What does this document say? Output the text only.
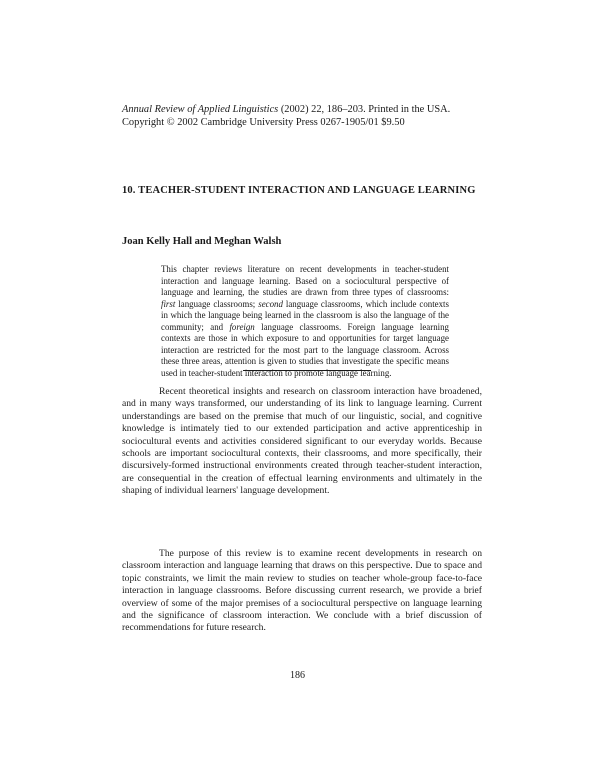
Annual Review of Applied Linguistics (2002) 22, 186–203. Printed in the USA.
Copyright © 2002 Cambridge University Press 0267-1905/01 $9.50
10. TEACHER-STUDENT INTERACTION AND LANGUAGE LEARNING
Joan Kelly Hall and Meghan Walsh

This chapter reviews literature on recent developments in teacher-student interaction and language learning. Based on a sociocultural perspective of language and learning, the studies are drawn from three types of classrooms: first language classrooms; second language classrooms, which include contexts in which the language being learned in the classroom is also the language of the community; and foreign language classrooms. Foreign language learning contexts are those in which exposure to and opportunities for target language interaction are restricted for the most part to the language classroom. Across these three areas, attention is given to studies that investigate the specific means used in teacher-student interaction to promote language learning.

Recent theoretical insights and research on classroom interaction have broadened, and in many ways transformed, our understanding of its link to language learning. Current understandings are based on the premise that much of our linguistic, social, and cognitive knowledge is intimately tied to our extended participation and active apprenticeship in sociocultural events and activities considered significant to our everyday worlds. Because schools are important sociocultural contexts, their classrooms, and more specifically, their discursively-formed instructional environments created through teacher-student interaction, are consequential in the creation of effectual learning environments and ultimately in the shaping of individual learners' language development.

The purpose of this review is to examine recent developments in research on classroom interaction and language learning that draws on this perspective. Due to space and topic constraints, we limit the main review to studies on teacher whole-group face-to-face interaction in language classrooms. Before discussing current research, we provide a brief overview of some of the major premises of a sociocultural perspective on language learning and the significance of classroom interaction. We conclude with a brief discussion of recommendations for future research.

186
